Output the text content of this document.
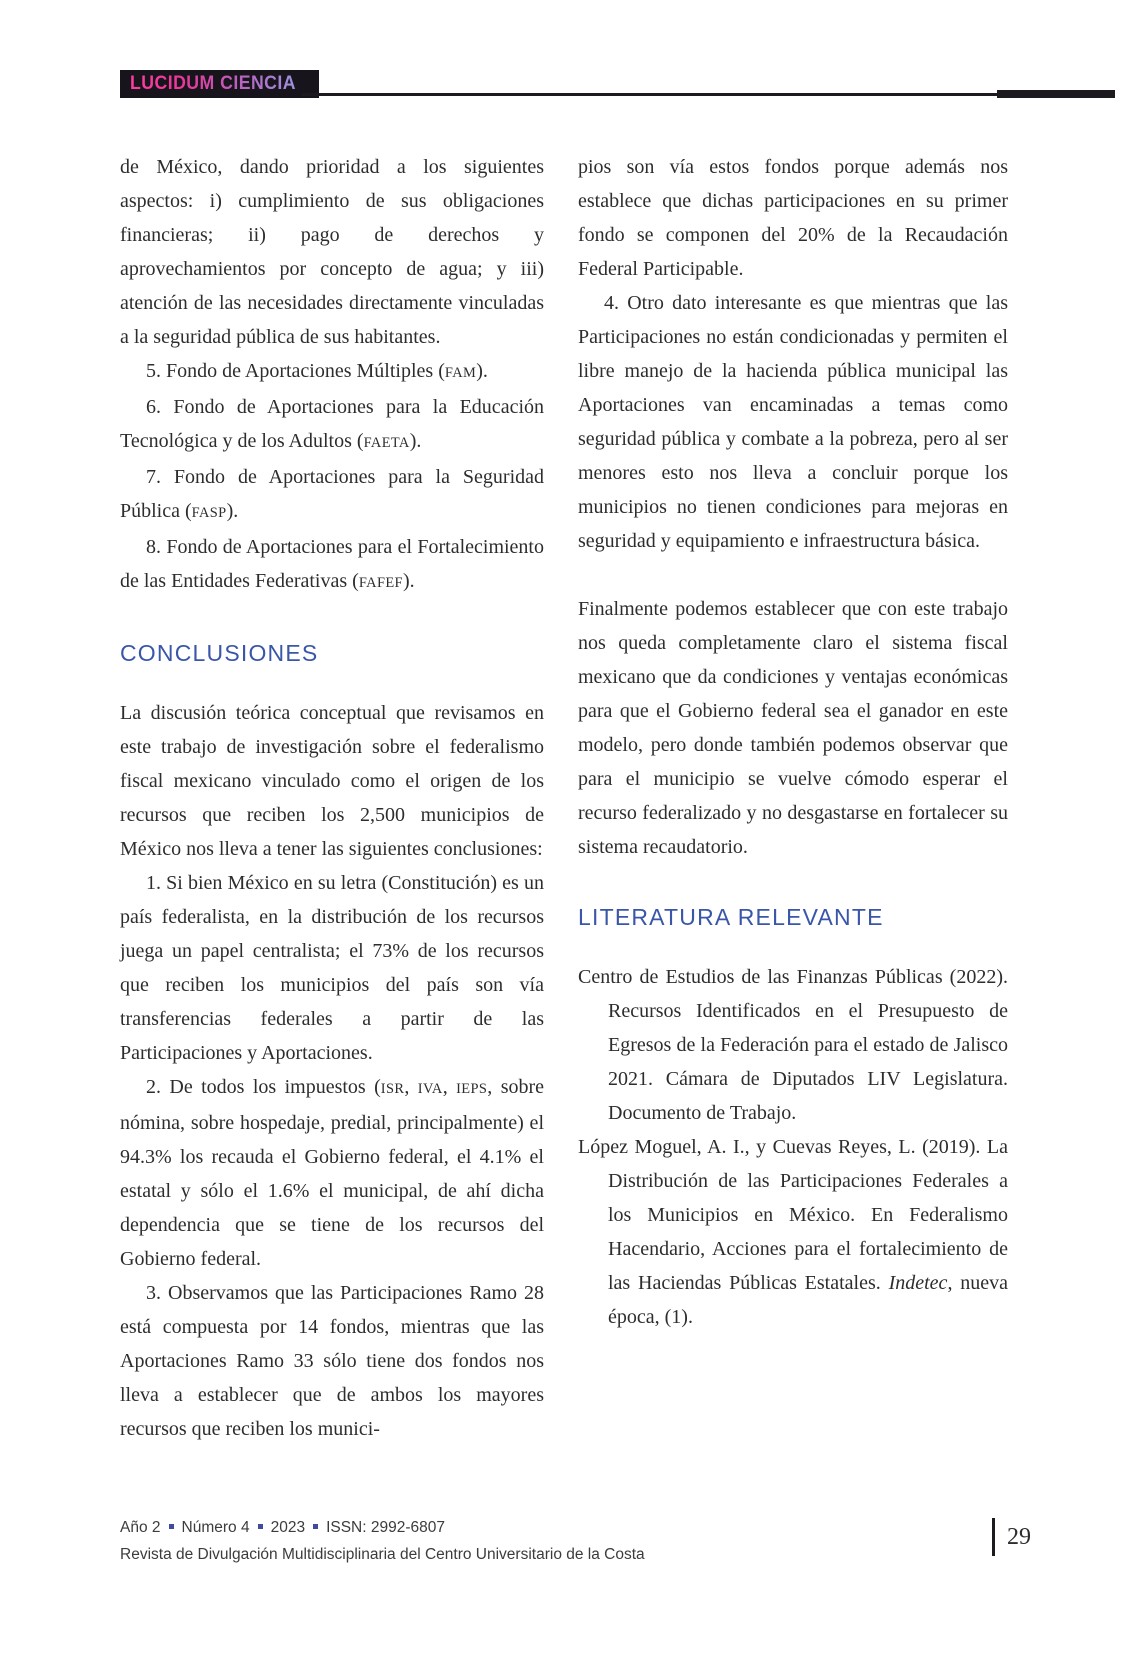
LUCIDUM CIENCIA

de México, dando prioridad a los siguientes aspectos: i) cumplimiento de sus obligaciones financieras; ii) pago de derechos y aprovechamientos por concepto de agua; y iii) atención de las necesidades directamente vinculadas a la seguridad pública de sus habitantes.

5. Fondo de Aportaciones Múltiples (FAM).

6. Fondo de Aportaciones para la Educación Tecnológica y de los Adultos (FAETA).

7. Fondo de Aportaciones para la Seguridad Pública (FASP).

8. Fondo de Aportaciones para el Fortalecimiento de las Entidades Federativas (FAFEF).

CONCLUSIONES

La discusión teórica conceptual que revisamos en este trabajo de investigación sobre el federalismo fiscal mexicano vinculado como el origen de los recursos que reciben los 2,500 municipios de México nos lleva a tener las siguientes conclusiones:

1. Si bien México en su letra (Constitución) es un país federalista, en la distribución de los recursos juega un papel centralista; el 73% de los recursos que reciben los municipios del país son vía transferencias federales a partir de las Participaciones y Aportaciones.

2. De todos los impuestos (ISR, IVA, IEPS, sobre nómina, sobre hospedaje, predial, principalmente) el 94.3% los recauda el Gobierno federal, el 4.1% el estatal y sólo el 1.6% el municipal, de ahí dicha dependencia que se tiene de los recursos del Gobierno federal.

3. Observamos que las Participaciones Ramo 28 está compuesta por 14 fondos, mientras que las Aportaciones Ramo 33 sólo tiene dos fondos nos lleva a establecer que de ambos los mayores recursos que reciben los munici-

pios son vía estos fondos porque además nos establece que dichas participaciones en su primer fondo se componen del 20% de la Recaudación Federal Participable.

4. Otro dato interesante es que mientras que las Participaciones no están condicionadas y permiten el libre manejo de la hacienda pública municipal las Aportaciones van encaminadas a temas como seguridad pública y combate a la pobreza, pero al ser menores esto nos lleva a concluir porque los municipios no tienen condiciones para mejoras en seguridad y equipamiento e infraestructura básica.

Finalmente podemos establecer que con este trabajo nos queda completamente claro el sistema fiscal mexicano que da condiciones y ventajas económicas para que el Gobierno federal sea el ganador en este modelo, pero donde también podemos observar que para el municipio se vuelve cómodo esperar el recurso federalizado y no desgastarse en fortalecer su sistema recaudatorio.

LITERATURA RELEVANTE

Centro de Estudios de las Finanzas Públicas (2022). Recursos Identificados en el Presupuesto de Egresos de la Federación para el estado de Jalisco 2021. Cámara de Diputados LIV Legislatura. Documento de Trabajo.

López Moguel, A. I., y Cuevas Reyes, L. (2019). La Distribución de las Participaciones Federales a los Municipios en México. En Federalismo Hacendario, Acciones para el fortalecimiento de las Haciendas Públicas Estatales. Indetec, nueva época, (1).

Año 2 Número 4 2023 ISSN: 2992-6807
Revista de Divulgación Multidisciplinaria del Centro Universitario de la Costa
29
